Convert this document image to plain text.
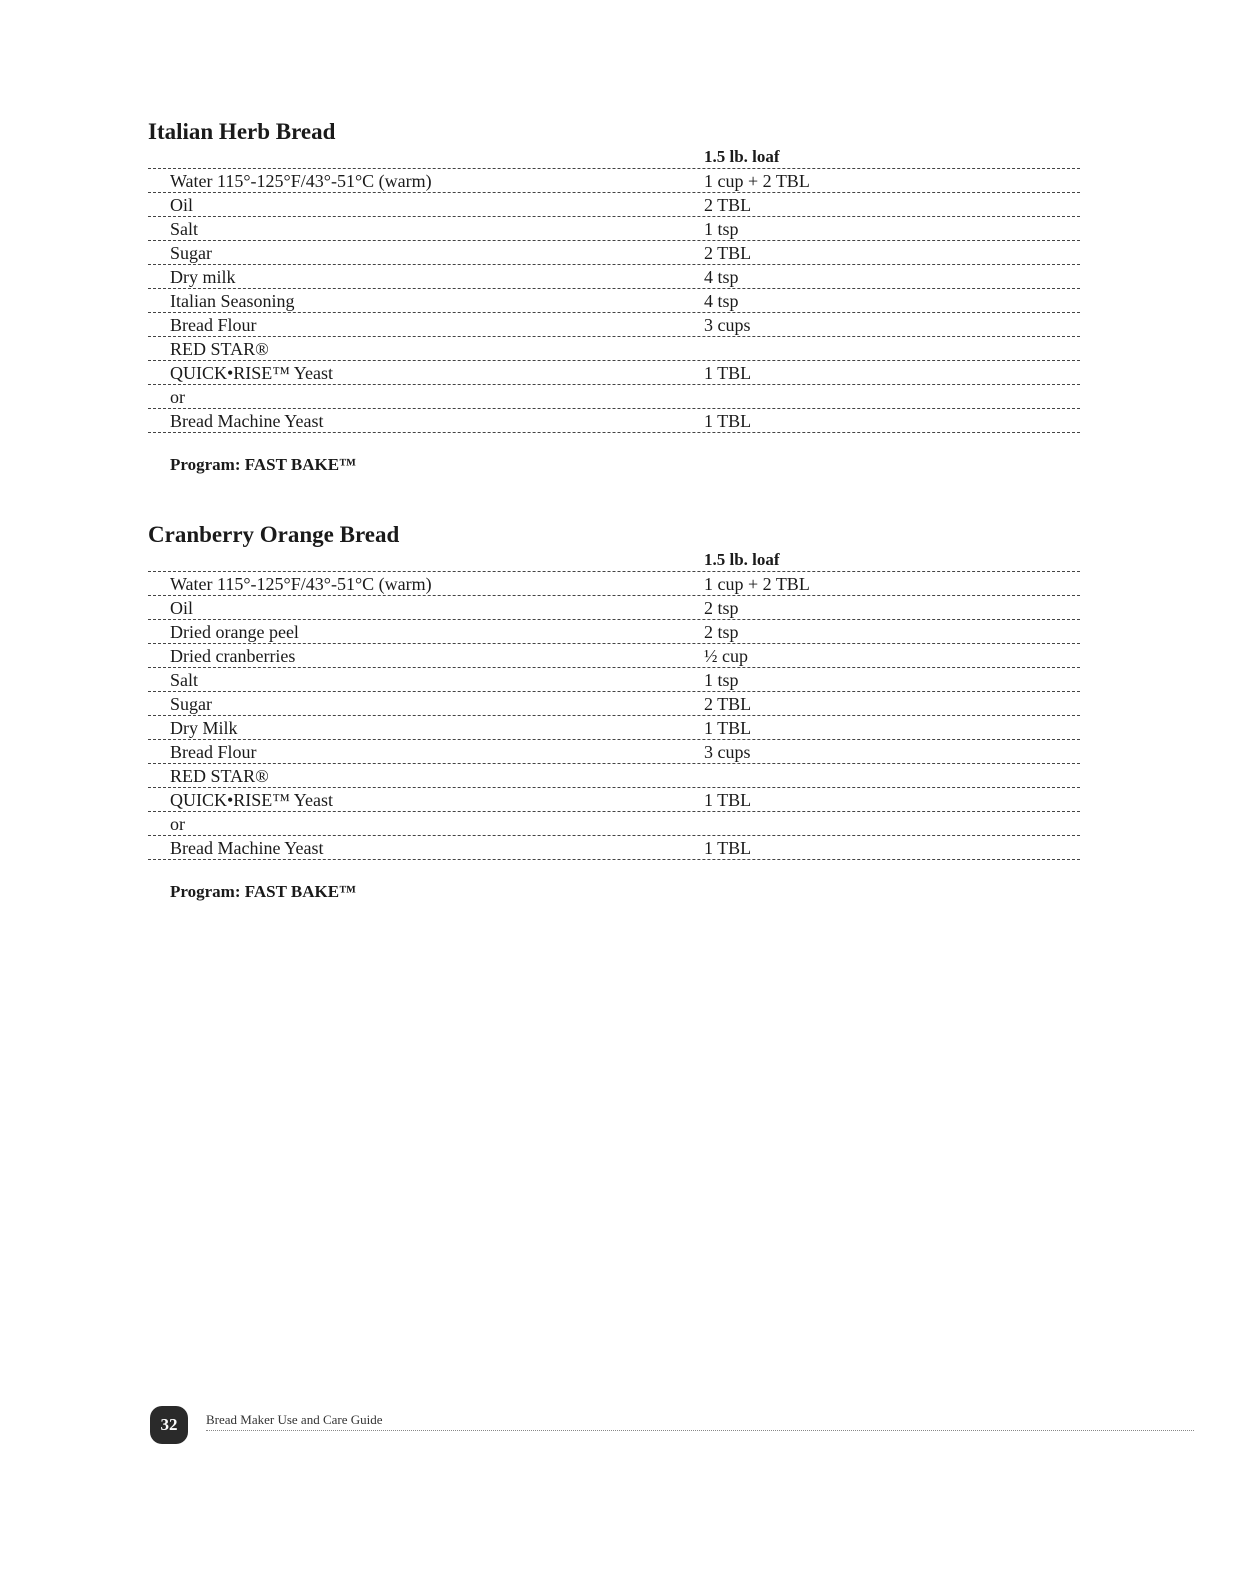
Italian Herb Bread
1.5 lb. loaf
Water 115°-125°F/43°-51°C (warm)	1 cup + 2 TBL
Oil	2 TBL
Salt	1 tsp
Sugar	2 TBL
Dry milk	4 tsp
Italian Seasoning	4 tsp
Bread Flour	3 cups
RED STAR®
QUICK•RISE™ Yeast	1 TBL
or
Bread Machine Yeast	1 TBL
Program: FAST BAKE™
Cranberry Orange Bread
1.5 lb. loaf
Water 115°-125°F/43°-51°C (warm)	1 cup + 2 TBL
Oil	2 tsp
Dried orange peel	2 tsp
Dried cranberries	½ cup
Salt	1 tsp
Sugar	2 TBL
Dry Milk	1 TBL
Bread Flour	3 cups
RED STAR®
QUICK•RISE™ Yeast	1 TBL
or
Bread Machine Yeast	1 TBL
Program: FAST BAKE™
32	Bread Maker Use and Care Guide
